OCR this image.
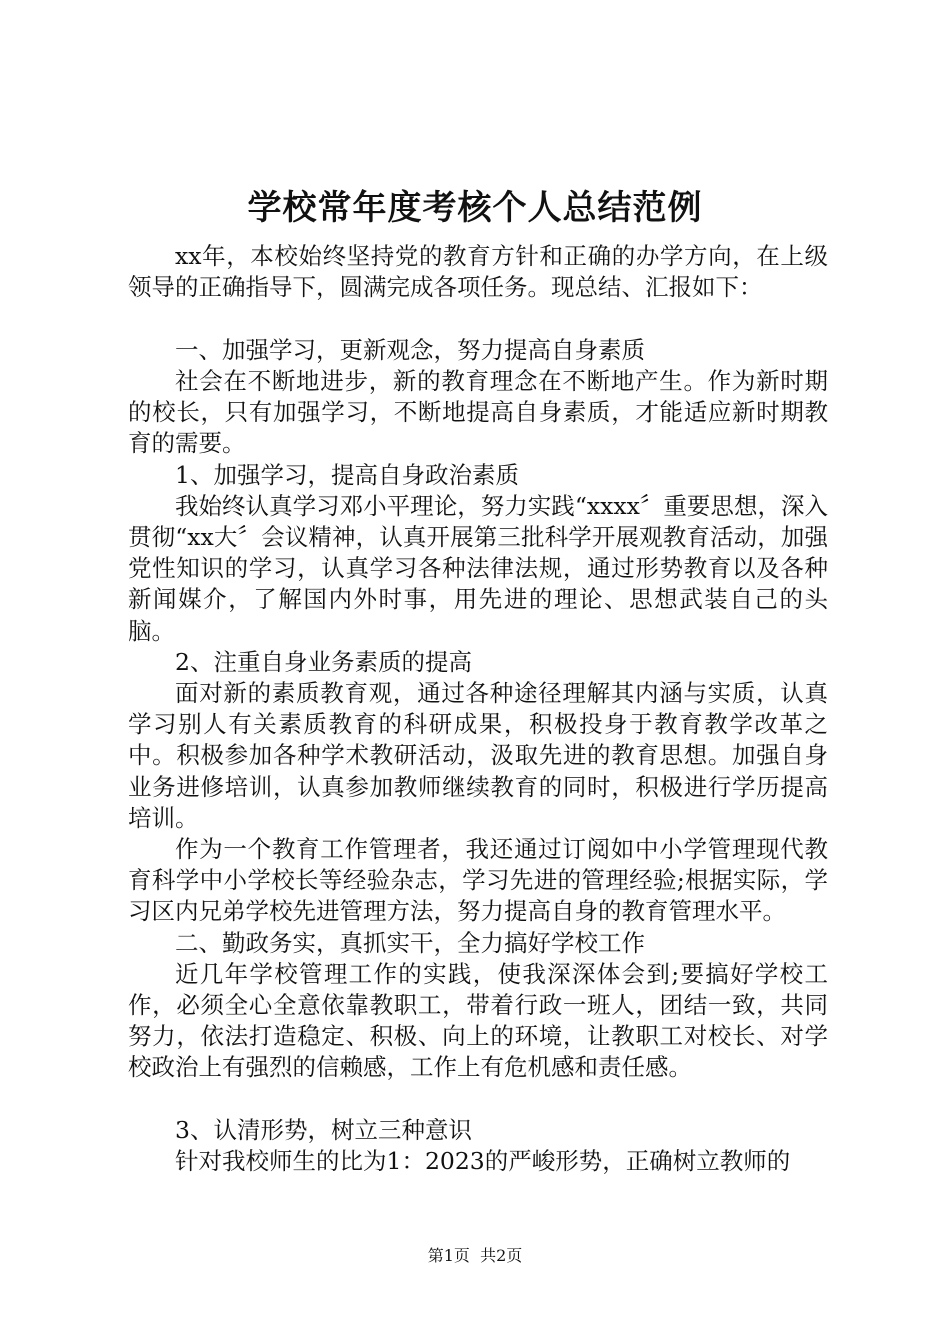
学校常年度考核个人总结范例

xx年，本校始终坚持党的教育方针和正确的办学方向，在上级领导的正确指导下，圆满完成各项任务。现总结、汇报如下：

一、加强学习，更新观念，努力提高自身素质

社会在不断地进步，新的教育理念在不断地产生。作为新时期的校长，只有加强学习，不断地提高自身素质，才能适应新时期教育的需要。

1、加强学习，提高自身政治素质

我始终认真学习邓小平理论，努力实践“xxxx〞重要思想，深入贯彻“xx大〞会议精神，认真开展第三批科学开展观教育活动，加强党性知识的学习，认真学习各种法律法规，通过形势教育以及各种新闻媒介，了解国内外时事，用先进的理论、思想武装自己的头脑。

2、注重自身业务素质的提高

面对新的素质教育观，通过各种途径理解其内涵与实质，认真学习别人有关素质教育的科研成果，积极投身于教育教学改革之中。积极参加各种学术教研活动，汲取先进的教育思想。加强自身业务进修培训，认真参加教师继续教育的同时，积极进行学历提高培训。

作为一个教育工作管理者，我还通过订阅如中小学管理现代教育科学中小学校长等经验杂志，学习先进的管理经验;根据实际，学习区内兄弟学校先进管理方法，努力提高自身的教育管理水平。

二、勤政务实，真抓实干，全力搞好学校工作

近几年学校管理工作的实践，使我深深体会到;要搞好学校工作，必须全心全意依靠教职工，带着行政一班人，团结一致，共同努力，依法打造稳定、积极、向上的环境，让教职工对校长、对学校政治上有强烈的信赖感，工作上有危机感和责任感。

3、认清形势，树立三种意识

针对我校师生的比为1：2023的严峻形势，正确树立教师的

第1页 共2页
